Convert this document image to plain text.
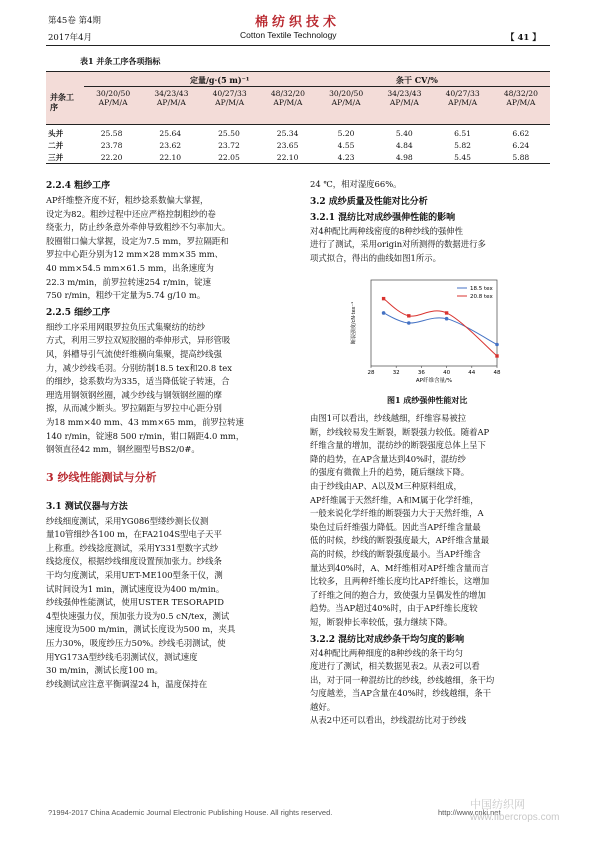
第45卷 第4期
2017年4月
棉纺织技术
Cotton Textile Technology	【 41 】
表1 并条工序各项指标
并条工序
定量/g·(5 m)⁻¹	条干 CV/%
30/20/50	34/23/43	40/27/33	48/32/20	30/20/50	34/23/43	40/27/33	48/32/20
AP/M/A	AP/M/A	AP/M/A	AP/M/A	AP/M/A	AP/M/A	AP/M/A	AP/M/A
头并	25.58	25.64	25.50	25.34	5.20	5.40	6.51	6.62
二并	23.78	23.62	23.72	23.65	4.55	4.84	5.82	6.24
三并	22.20	22.10	22.05	22.10	4.23	4.98	5.45	5.88
2.2.4 粗纱工序
AP纤维整齐度不好，粗纱捻系数偏大掌握，
设定为82。粗纱过程中还应严格控制粗纱的卷
绕张力，防止纱条意外牵伸导致粗纱不匀率加大。
胶圈钳口偏大掌握，设定为7.5 mm，罗拉隔距和
罗拉中心距分别为12 mm×28 mm×35 mm、
40 mm×54.5 mm×61.5 mm，出条速度为
22.3 m/min，前罗拉转速254 r/min，锭速
750 r/min，粗纱干定量为5.74 g/10 m。
2.2.5 细纱工序
细纱工序采用网眼罗拉负压式集聚纺的纺纱
方式，利用三罗拉双短胶圈的牵伸形式，异形管吸
风，斜槽导引气流使纤维横向集聚，提高纱线强
力，减少纱线毛羽。分别纺制18.5 tex和20.8 tex
的细纱，捻系数均为335，适当降低锭子转速，合
理选用钢领钢丝圈，减少纱线与钢领钢丝圈的摩
擦，从而减少断头。罗拉隔距与罗拉中心距分别
为18 mm×40 mm、43 mm×65 mm，前罗拉转速
140 r/min，锭速8 500 r/min，钳口隔距4.0 mm，
钢领直径42 mm，钢丝圈型号BS2/0#。
3 纱线性能测试与分析
3.1 测试仪器与方法
纱线细度测试，采用YG086型缕纱测长仪测
量10管细纱各100 m，在FA2104S型电子天平
上称重。纱线捻度测试，采用Y331型数字式纱
线捻度仪，根据纱线细度设置预加张力。纱线条
干均匀度测试，采用UET-ME100型条干仪，测
试时间设为1 min，测试速度设为400 m/min。
纱线强伸性能测试，使用USTER TESORAPID
4型快速强力仪，预加张力设为0.5 cN/tex，测试
速度设为500 m/min，测试长度设为500 m，夹具
压力30%，吸度纱压力50%。纱线毛羽测试，使
用YG173A型纱线毛羽测试仪，测试速度
30 m/min，测试长度100 m。
纱线测试应注意平衡调湿24 h，温度保持在
24 ℃，相对湿度66%。
3.2 成纱质量及性能对比分析
3.2.1 混纺比对成纱强伸性能的影响
对4种配比两种线密度的8种纱线的强伸性
进行了测试，采用origin对所测得的数据进行多
项式拟合，得出的曲线如图1所示。
28	32	36	40	44	48
AP纤维含量/%
断裂强度/cN·tex⁻¹
18.5 tex
20.8 tex
图1 成纱强伸性能对比
由图1可以看出，纱线越细，纤维容易被拉
断，纱线较易发生断裂，断裂强力较低。随着AP
纤维含量的增加，混纺纱的断裂强度总体上呈下
降的趋势，在AP含量达到40%时，混纺纱
的强度有微微上升的趋势，随后继续下降。
由于纱线由AP、A以及M三种原料组成，
AP纤维属于天然纤维，A和M属于化学纤维，
一般来说化学纤维的断裂强力大于天然纤维，A
染色过后纤维强力降低。因此当AP纤维含量最
低的时候，纱线的断裂强度最大，AP纤维含量最
高的时候，纱线的断裂强度最小。当AP纤维含
量达到40%时，A、M纤维相对AP纤维含量而言
比较多，且两种纤维长度均比AP纤维长，这增加
了纤维之间的抱合力，致使强力呈偶发性的增加
趋势。当AP超过40%时，由于AP纤维长度较
短，断裂伸长率较低，强力继续下降。
3.2.2 混纺比对成纱条干均匀度的影响
对4种配比两种细度的8种纱线的条干均匀
度进行了测试，相关数据见表2。从表2可以看
出，对于同一种混纺比的纱线，纱线越细，条干均
匀度越差，当AP含量在40%时，纱线越细，条干
越好。
从表2中还可以看出，纱线混纺比对于纱线
?1994-2017 China Academic Journal Electronic Publishing House. All rights reserved.	http://www.cnki.net
中国纺织网
www.fibercrops.com
